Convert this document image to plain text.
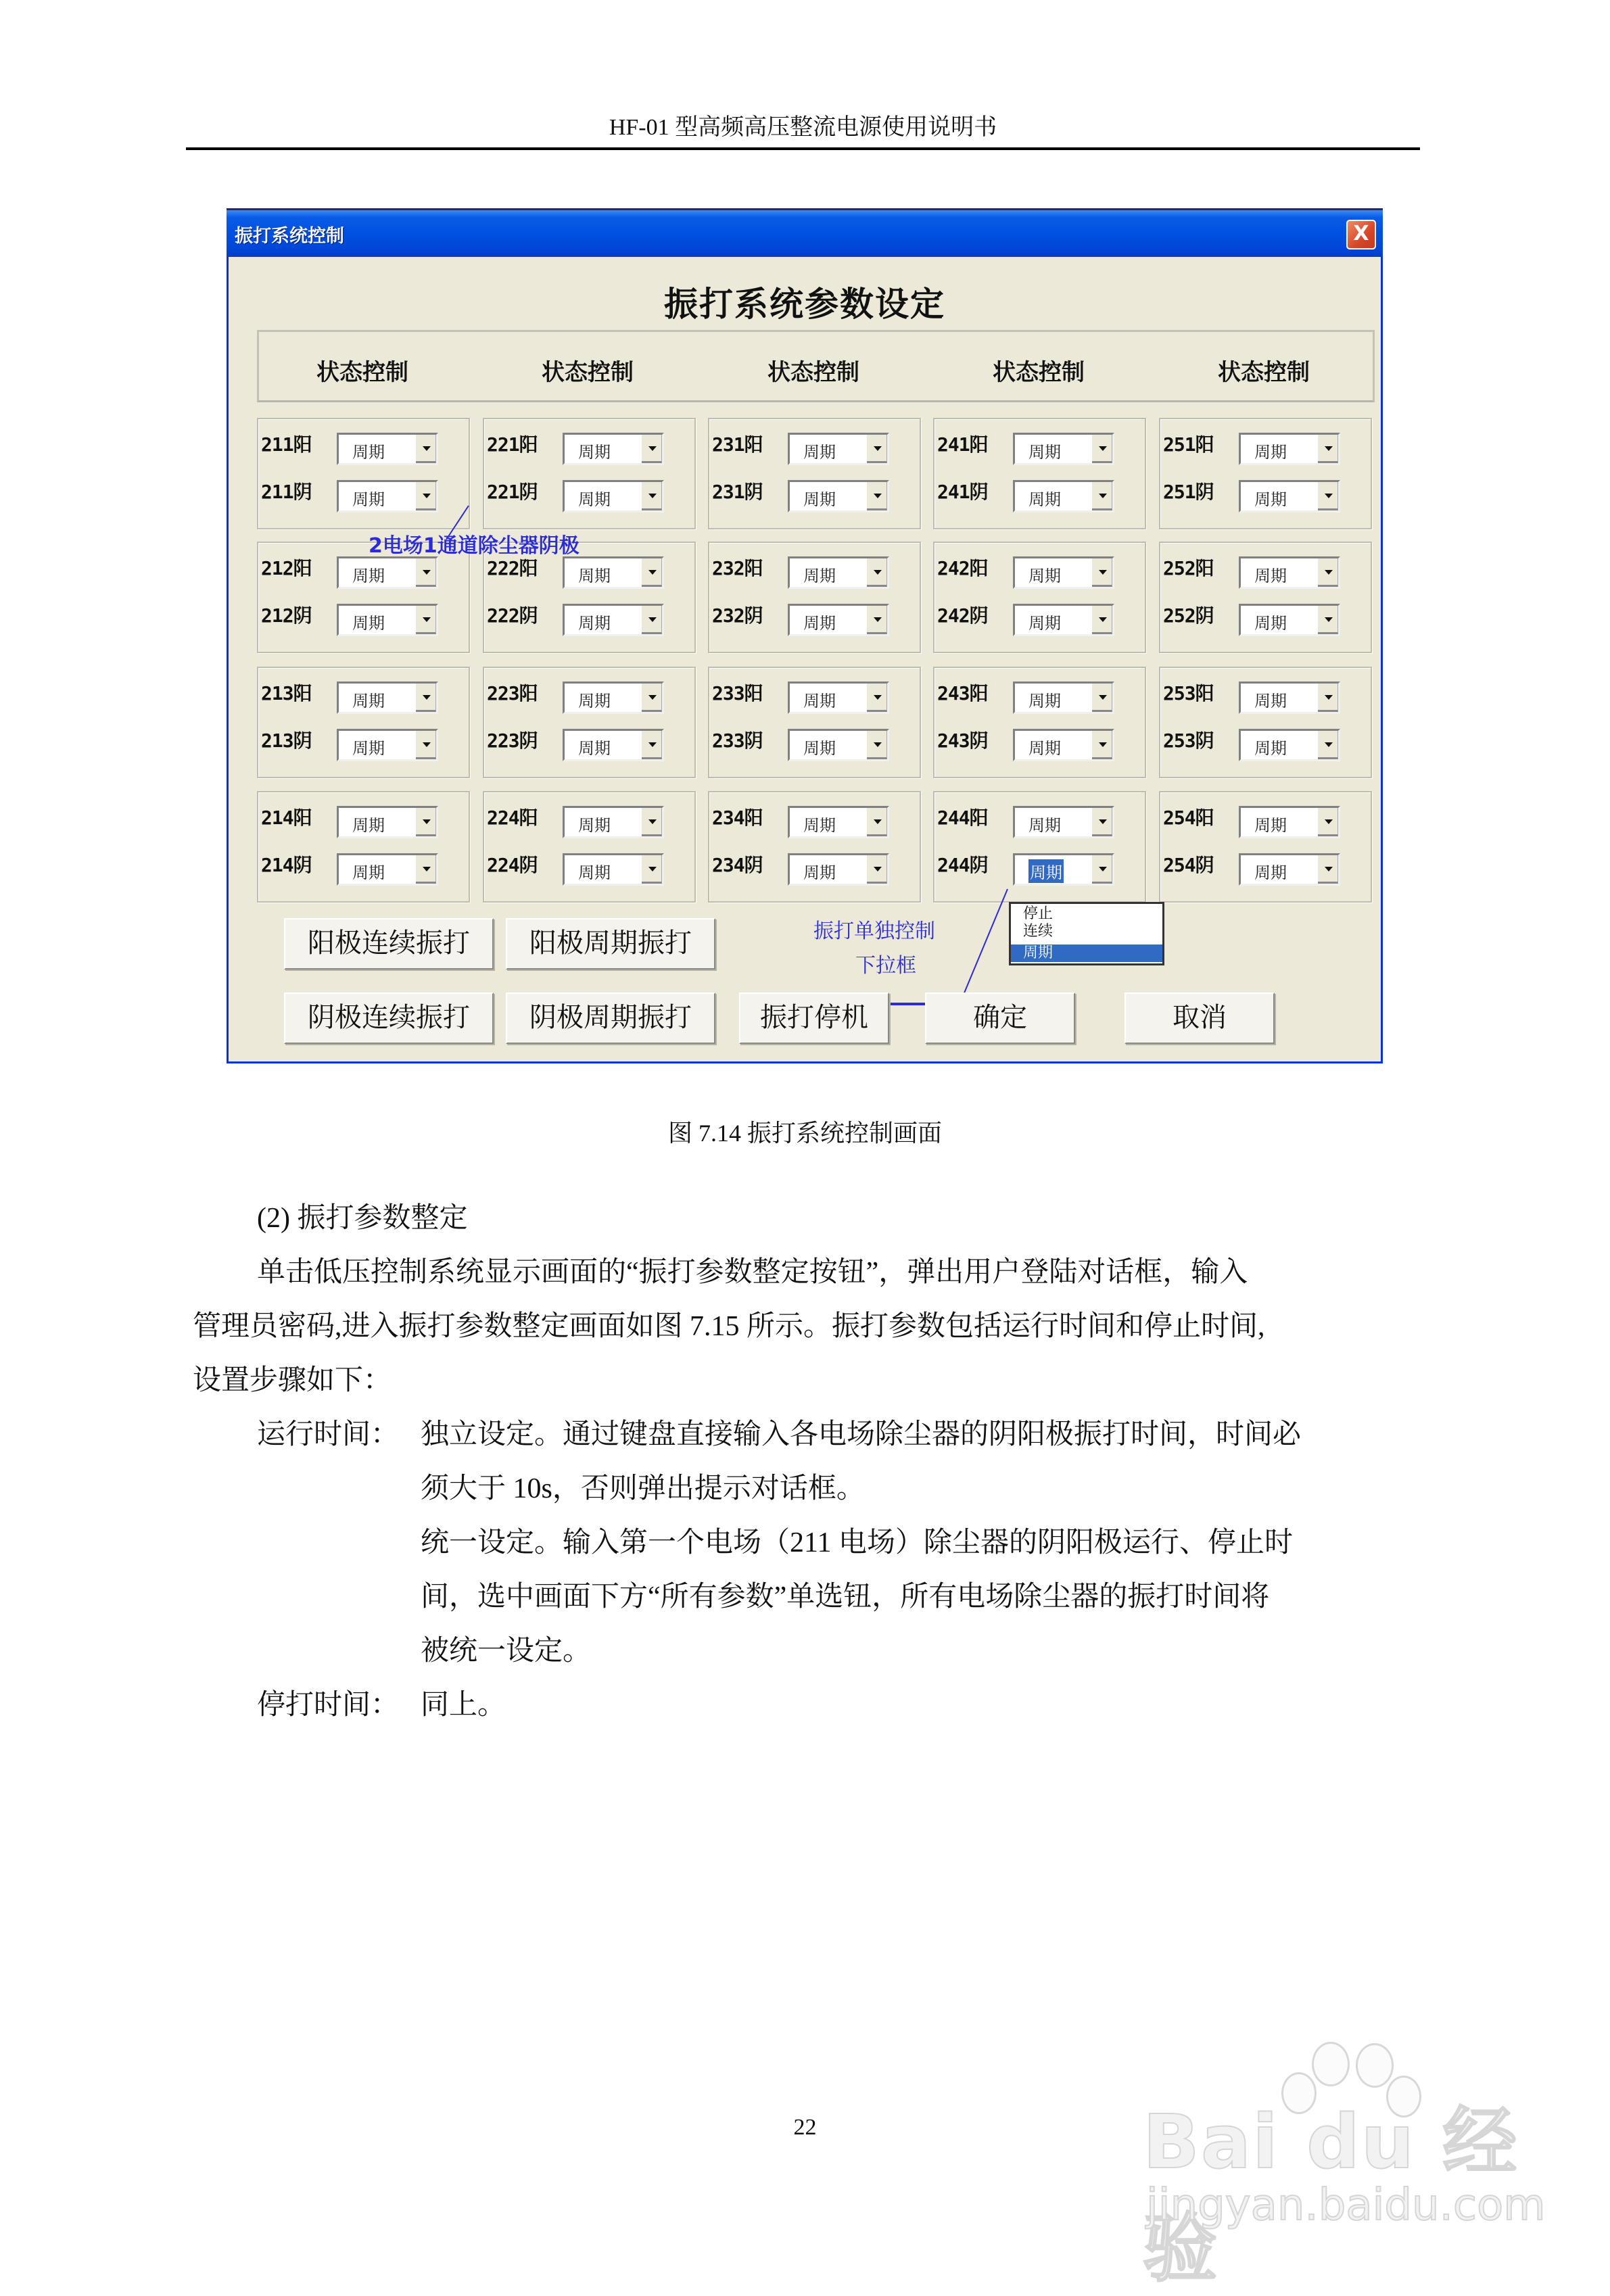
HF-01 型高频高压整流电源使用说明书
振打系统控制	X
振打系统参数设定
状态控制	状态控制	状态控制	状态控制	状态控制
211阳	周期
211阴	周期
221阳	周期
221阴	周期
231阳	周期
231阴	周期
241阳	周期
241阴	周期
251阳	周期
251阴	周期
212阳	周期
212阴	周期
222阳	周期
222阴	周期
232阳	周期
232阴	周期
242阳	周期
242阴	周期
252阳	周期
252阴	周期
213阳	周期
213阴	周期
223阳	周期
223阴	周期
233阳	周期
233阴	周期
243阳	周期
243阴	周期
253阳	周期
253阴	周期
214阳	周期
214阴	周期
224阳	周期
224阴	周期
234阳	周期
234阴	周期
244阳	周期
244阴	周期
254阳	周期
254阴	周期
停止
连续
周期
2电场1通道除尘器阴极
振打单独控制
下拉框
阳极连续振打	阳极周期振打
阴极连续振打	阴极周期振打	振打停机	确定	取消
图 7.14 振打系统控制画面
(2) 振打参数整定
单击低压控制系统显示画面的“振打参数整定按钮”，弹出用户登陆对话框，输入
管理员密码,进入振打参数整定画面如图 7.15 所示。振打参数包括运行时间和停止时间,
设置步骤如下：
运行时间： 独立设定。通过键盘直接输入各电场除尘器的阴阳极振打时间，时间必
须大于 10s，否则弹出提示对话框。
统一设定。输入第一个电场（211 电场）除尘器的阴阳极运行、停止时
间，选中画面下方“所有参数”单选钮，所有电场除尘器的振打时间将
被统一设定。
停打时间： 同上。
22	Bai du 经验
jingyan.baidu.com
